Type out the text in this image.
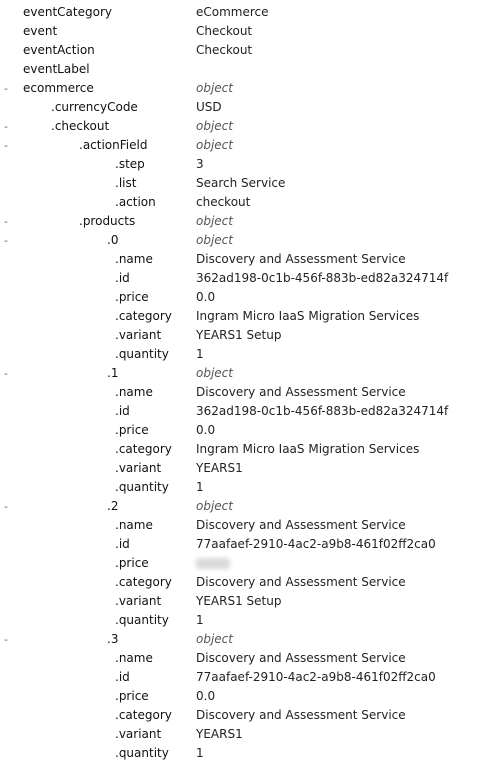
eventCategory	eCommerce
event	Checkout
eventAction	Checkout
eventLabel
-	ecommerce	object
.currencyCode	USD
-	.checkout	object
-	.actionField	object
.step	3
.list	Search Service
.action	checkout
-	.products	object
-	.0	object
.name	Discovery and Assessment Service
.id	362ad198-0c1b-456f-883b-ed82a324714f
.price	0.0
.category Ingram Micro IaaS Migration Services
.variant	YEARS1 Setup
.quantity 1
-	.1	object
.name	Discovery and Assessment Service
.id	362ad198-0c1b-456f-883b-ed82a324714f
.price	0.0
.category Ingram Micro IaaS Migration Services
.variant	YEARS1
.quantity 1
-	.2	object
.name	Discovery and Assessment Service
.id	77aafaef-2910-4ac2-a9b8-461f02ff2ca0
.price
.category Discovery and Assessment Service
.variant	YEARS1 Setup
.quantity 1
-	.3	object
.name	Discovery and Assessment Service
.id	77aafaef-2910-4ac2-a9b8-461f02ff2ca0
.price	0.0
.category Discovery and Assessment Service
.variant	YEARS1
.quantity 1
